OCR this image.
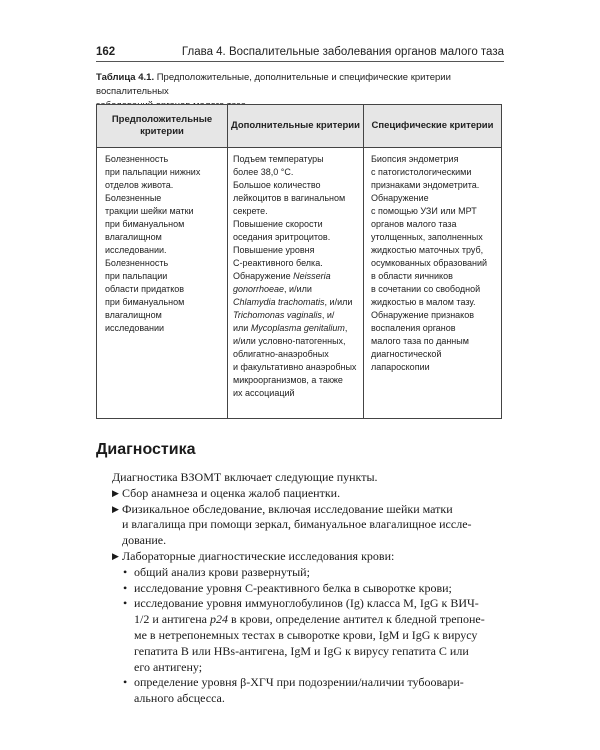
162	Глава 4. Воспалительные заболевания органов малого таза
Таблица 4.1. Предположительные, дополнительные и специфические критерии воспалительных
Предположительные
критерии
Дополнительные критерии	Специфические критерии
Болезненность
при пальпации нижних
отделов живота.
Болезненные
тракции шейки матки
при бимануальном
влагалищном
исследовании.
Болезненность
при пальпации
области придатков
при бимануальном
влагалищном
исследовании
Подъем температуры
более 38,0 °С.
Большое количество
лейкоцитов в вагинальном
секрете.
Повышение скорости
оседания эритроцитов.
Повышение уровня
С-реактивного белка.
Обнаружение Neisseria
gonorrhoeae, и/или
Chlamydia trachomatis, и/или
Trichomonas vaginalis, и/
или Mycoplasma genitalium,
и/или условно-патогенных,
облигатно-анаэробных
и факультативно анаэробных
микроорганизмов, а также
их ассоциаций
Биопсия эндометрия
с патогистологическими
признаками эндометрита.
Обнаружение
с помощью УЗИ или МРТ
органов малого таза
утолщенных, заполненных
жидкостью маточных труб,
осумкованных образований
в области яичников
в сочетании со свободной
жидкостью в малом тазу.
Обнаружение признаков
воспаления органов
малого таза по данным
диагностической
лапароскопии
Диагностика
Диагностика ВЗОМТ включает следующие пункты.
▶ Сбор анамнеза и оценка жалоб пациентки.
▶ Физикальное обследование, включая исследование шейки матки
и влагалища при помощи зеркал, бимануальное влагалищное иссле-
дование.
▶ Лабораторные диагностические исследования крови:
• общий анализ крови развернутый;
• исследование уровня С-реактивного белка в сыворотке крови;
• исследование уровня иммуноглобулинов (Ig) класса M, IgG к ВИЧ-
1/2 и антигена p24 в крови, определение антител к бледной трепоне-
ме в нетрепонемных тестах в сыворотке крови, IgM и IgG к вирусу
гепатита В или HBs-антигена, IgM и IgG к вирусу гепатита С или
его антигену;
• определение уровня β-ХГЧ при подозрении/наличии тубоовари-
ального абсцесса.
